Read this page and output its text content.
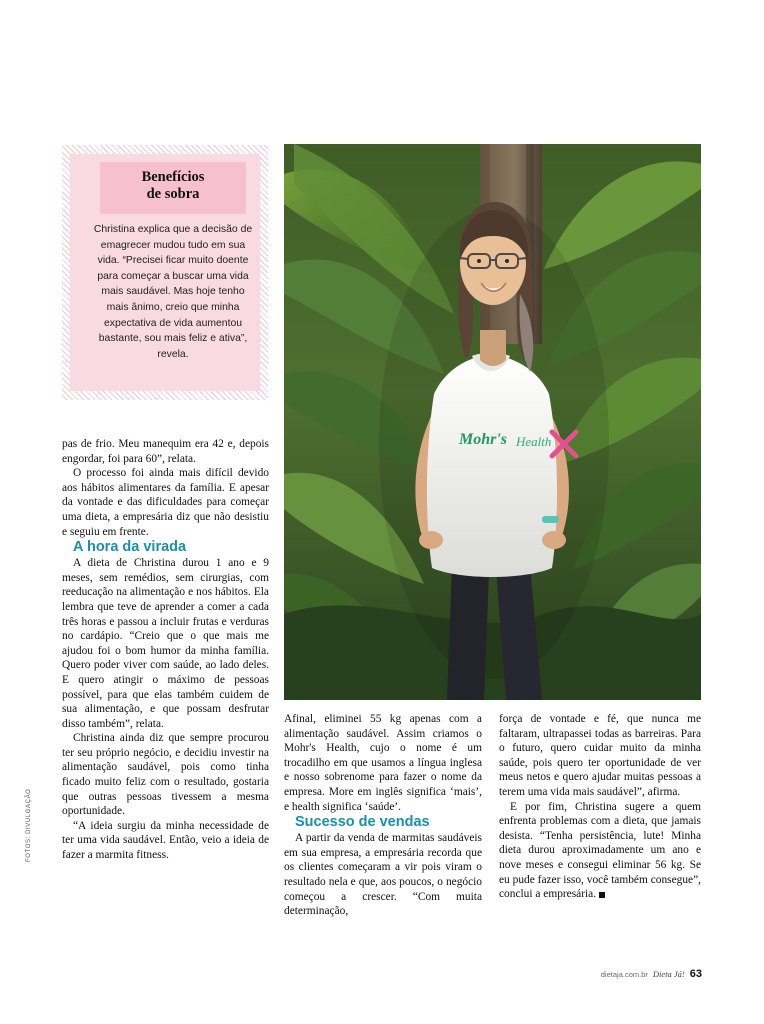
FOTOS: DIVULGAÇÃO
Benefícios
de sobra
Christina explica que a decisão de emagrecer mudou tudo em sua vida. “Precisei ficar muito doente para começar a buscar uma vida mais saudável. Mas hoje tenho mais ânimo, creio que minha expectativa de vida aumentou bastante, sou mais feliz e ativa”, revela.
Mohr's Health

pas de frio. Meu manequim era 42 e, depois engordar, foi para 60”, relata.

O processo foi ainda mais difícil devido aos hábitos alimentares da família. E apesar da vontade e das dificuldades para começar uma dieta, a empresária diz que não desistiu e seguiu em frente.

A hora da virada

A dieta de Christina durou 1 ano e 9 meses, sem remédios, sem cirurgias, com reeducação na alimentação e nos hábitos. Ela lembra que teve de aprender a comer a cada três horas e passou a incluir frutas e verduras no cardápio. “Creio que o que mais me ajudou foi o bom humor da minha família. Quero poder viver com saúde, ao lado deles. E quero atingir o máximo de pessoas possível, para que elas também cuidem de sua alimentação, e que possam desfrutar disso também”, relata.

Christina ainda diz que sempre procurou ter seu próprio negócio, e decidiu investir na alimentação saudável, pois como tinha ficado muito feliz com o resultado, gostaria que outras pessoas tivessem a mesma oportunidade.

“A ideia surgiu da minha necessidade de ter uma vida saudável. Então, veio a ideia de fazer a marmita fitness.

Afinal, eliminei 55 kg apenas com a alimentação saudável. Assim criamos o Mohr's Health, cujo o nome é um trocadilho em que usamos a língua inglesa e nosso sobrenome para fazer o nome da empresa. More em inglês significa ‘mais’, e health significa ‘saúde’.

Sucesso de vendas

A partir da venda de marmitas saudáveis em sua empresa, a empresária recorda que os clientes começaram a vir pois viram o resultado nela e que, aos poucos, o negócio começou a crescer. “Com muita determinação,

força de vontade e fé, que nunca me faltaram, ultrapassei todas as barreiras. Para o futuro, quero cuidar muito da minha saúde, pois quero ter oportunidade de ver meus netos e quero ajudar muitas pessoas a terem uma vida mais saudável”, afirma.

E por fim, Christina sugere a quem enfrenta problemas com a dieta, que jamais desista. “Tenha persistência, lute! Minha dieta durou aproximadamente um ano e nove meses e consegui eliminar 56 kg. Se eu pude fazer isso, você também consegue”, conclui a empresária.

dietaja.com.br Dieta Já! 63
